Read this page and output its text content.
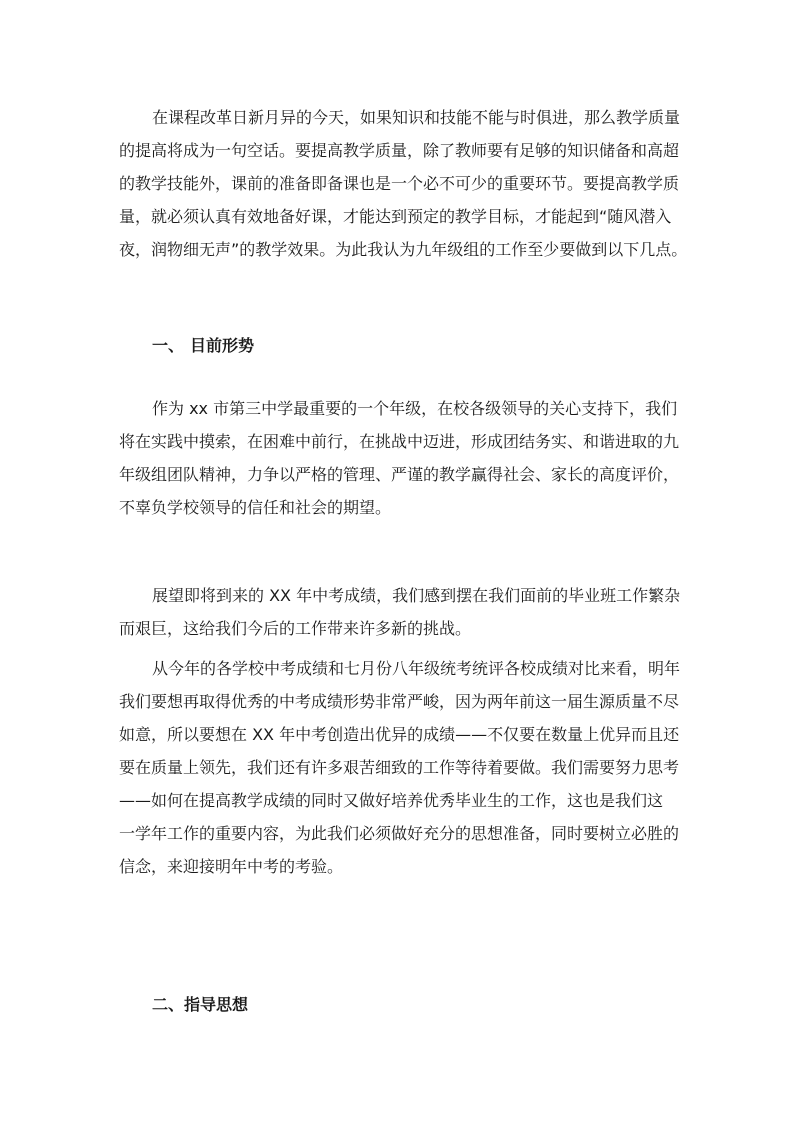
在课程改革日新月异的今天，如果知识和技能不能与时俱进，那么教学质量
的提高将成为一句空话。要提高教学质量，除了教师要有足够的知识储备和高超
的教学技能外，课前的准备即备课也是一个必不可少的重要环节。要提高教学质
量，就必须认真有效地备好课，才能达到预定的教学目标，才能起到“随风潜入
夜，润物细无声”的教学效果。为此我认为九年级组的工作至少要做到以下几点。

一、 目前形势

作为 xx 市第三中学最重要的一个年级，在校各级领导的关心支持下，我们
将在实践中摸索，在困难中前行，在挑战中迈进，形成团结务实、和谐进取的九
年级组团队精神，力争以严格的管理、严谨的教学赢得社会、家长的高度评价，
不辜负学校领导的信任和社会的期望。

展望即将到来的 XX 年中考成绩，我们感到摆在我们面前的毕业班工作繁杂
而艰巨，这给我们今后的工作带来许多新的挑战。

从今年的各学校中考成绩和七月份八年级统考统评各校成绩对比来看，明年
我们要想再取得优秀的中考成绩形势非常严峻，因为两年前这一届生源质量不尽
如意，所以要想在 XX 年中考创造出优异的成绩——不仅要在数量上优异而且还
要在质量上领先，我们还有许多艰苦细致的工作等待着要做。我们需要努力思考
——如何在提高教学成绩的同时又做好培养优秀毕业生的工作，这也是我们这
一学年工作的重要内容，为此我们必须做好充分的思想准备，同时要树立必胜的
信念，来迎接明年中考的考验。

二、指导思想
